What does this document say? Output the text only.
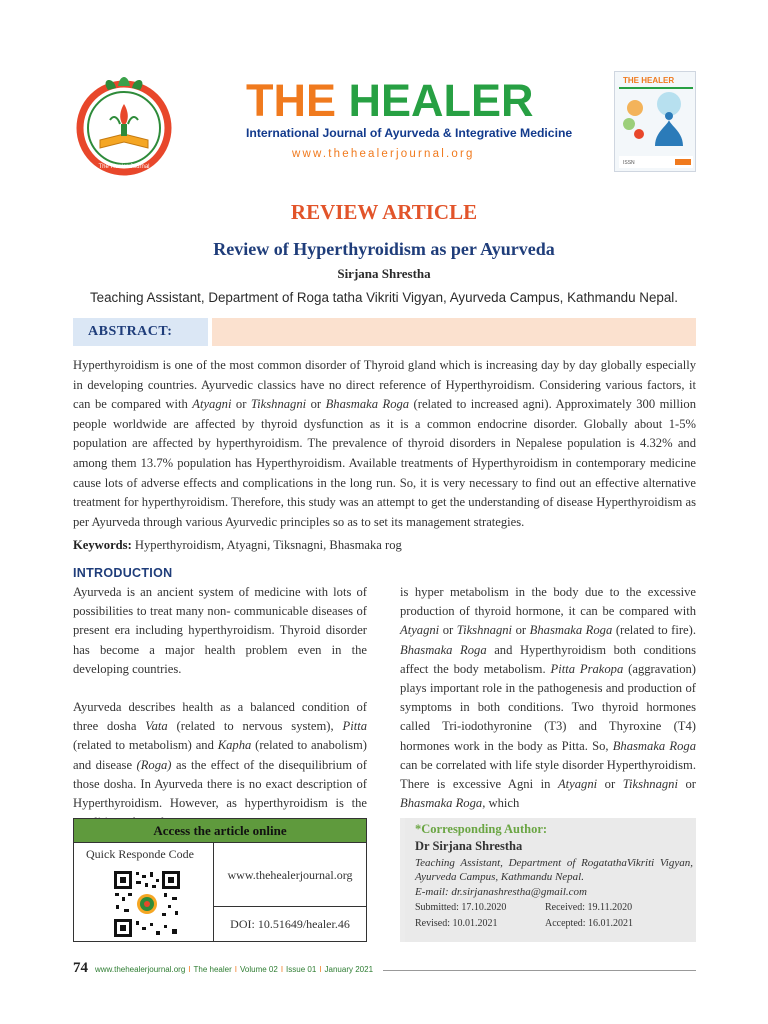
The Healer Journal
THE HEALER
International Journal of Ayurveda & Integrative Medicine
www.thehealerjournal.org
THE HEALER
ISSN
REVIEW ARTICLE
Review of Hyperthyroidism as per Ayurveda
Sirjana Shrestha
Teaching Assistant, Department of Roga tatha Vikriti Vigyan, Ayurveda Campus, Kathmandu Nepal.
ABSTRACT:
Hyperthyroidism is one of the most common disorder of Thyroid gland which is increasing day by day globally especially in developing countries. Ayurvedic classics have no direct reference of Hyperthyroidism. Considering various factors, it can be compared with Atyagni or Tikshnagni or Bhasmaka Roga (related to increased agni). Approximately 300 million people worldwide are affected by thyroid dysfunction as it is a common endocrine disorder. Globally about 1-5% population are affected by hyperthyroidism. The prevalence of thyroid disorders in Nepalese population is 4.32% and among them 13.7% population has Hyperthyroidism. Available treatments of Hyperthyroidism in contemporary medicine cause lots of adverse effects and complications in the long run. So, it is very necessary to find out an effective alternative treatment for hyperthyroidism. Therefore, this study was an attempt to get the understanding of disease Hyperthyroidism as per Ayurveda through various Ayurvedic principles so as to set its management strategies.
Keywords: Hyperthyroidism, Atyagni, Tiksnagni, Bhasmaka rog
INTRODUCTION

Ayurveda is an ancient system of medicine with lots of possibilities to treat many non- communicable diseases of present era including hyperthyroidism. Thyroid disorder has become a major health problem even in the developing countries.

Ayurveda describes health as a balanced condition of three dosha Vata (related to nervous system), Pitta (related to metabolism) and Kapha (related to anabolism) and disease (Roga) as the effect of the disequilibrium of those dosha. In Ayurveda there is no exact description of Hyperthyroidism. However, as hyperthyroidism is the

is hyper metabolism in the body due to the excessive production of thyroid hormone, it can be compared with Atyagni or Tikshnagni or Bhasmaka Roga (related to fire). Bhasmaka Roga and Hyperthyroidism both conditions affect the body metabolism. Pitta Prakopa (aggravation) plays important role in the pathogenesis and production of symptoms in both conditions. Two thyroid hormones called Tri-iodothyronine (T3) and Thyroxine (T4) hormones work in the body as Pitta. So, Bhasmaka Roga can be correlated with life style disorder Hyperthyroidism. There is excessive Agni in Atyagni or Tikshnagni or Bhasmaka Roga, which

Access the article online
Quick Responde Code
www.thehealerjournal.org
DOI: 10.51649/healer.46
*Corresponding Author:
Dr Sirjana Shrestha
Teaching Assistant, Department of RogatathaVikriti Vigyan, Ayurveda Campus, Kathmandu Nepal.
E-mail: dr.sirjanashrestha@gmail.com
Submitted: 17.10.2020	Received: 19.11.2020
Revised: 10.01.2021	Accepted: 16.01.2021
74 www.thehealerjournal.org I The healer I Volume 02 I Issue 01 I January 2021
